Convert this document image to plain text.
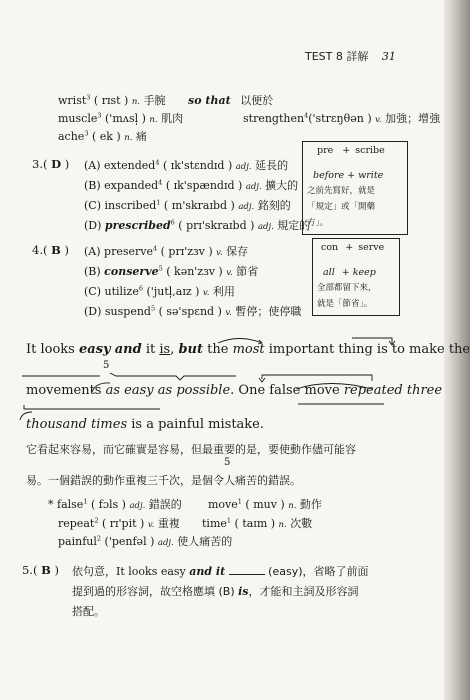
TEST 8 詳解 31
wrist$^3$ ( rɪst ) n. 手腕 so that 以便於
muscle$^3$ ('mʌsl̩ ) n. 肌肉	strengthen$^4$('strɛŋθən ) v. 加強；增強
ache$^3$ ( ek ) n. 痛
3.( D ) (A) extended$^4$ ( ɪk'stɛndɪd ) adj. 延長的
(B) expanded$^4$ ( ɪk'spændɪd ) adj. 擴大的
(C) inscribed$^1$ ( ɪn'skraɪbd ) adj. 銘刻的
(D) prescribed$^6$ ( prɪ'skraɪbd ) adj. 規定的
pre + scribe
before + write
之前先寫好，就是
「規定」或「開藥
方」。
4.( B ) (A) preserve$^4$ ( prɪ'zɜv ) v. 保存
(B) conserve$^5$ ( kən'zɜv ) v. 節省
(C) utilize$^6$ ('jutl̩,aɪz ) v. 利用
(D) suspend$^5$ ( sə'spɛnd ) v. 暫停；使停職
con + serve
all + keep
全部都留下來，
就是「節省」。
It looks easy and it is, but the most important thing is to make the
5
movements as easy as possible. One false move repeated three
thousand times is a painful mistake.
它看起來容易，而它確實是容易，但最重要的是，要使動作儘可能容
5
易。一個錯誤的動作重複三千次，是個令人痛苦的錯誤。
* false$^1$ ( fɔls ) adj. 錯誤的 move$^1$ ( muv ) n. 動作
repeat$^2$ ( rɪ'pit ) v. 重複 time$^1$ ( taɪm ) n. 次數
painful$^2$ ('penfəl ) adj. 使人痛苦的
5.( B ) 依句意，It looks easy and it	(easy)，省略了前面
提到過的形容詞，故空格應填 (B) is，才能和主詞及形容詞
搭配。
